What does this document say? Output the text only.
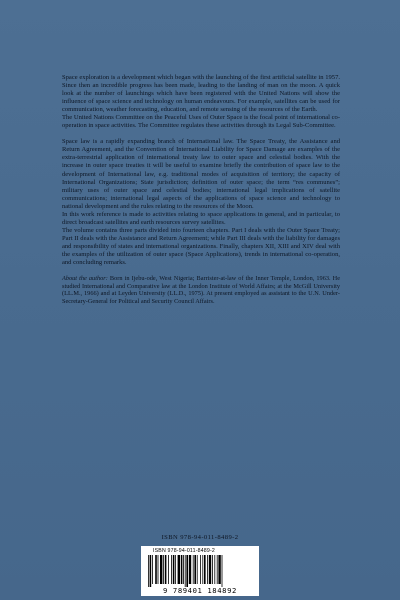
Space exploration is a development which began with the launching of the first artificial satellite in 1957. Since then an incredible progress has been made, leading to the landing of man on the moon. A quick look at the number of launchings which have been registered with the United Nations will show the influence of space science and technology on human endeavours. For example, satellites can be used for communication, weather forecasting, education, and remote sensing of the resources of the Earth.

The United Nations Committee on the Peaceful Uses of Outer Space is the focal point of international co-operation in space activities. The Committee regulates these activities through its Legal Sub-Committee.

Space law is a rapidly expanding branch of International law. The Space Treaty, the Assistance and Return Agreement, and the Convention of International Liability for Space Damage are examples of the extra-terrestrial application of international treaty law to outer space and celestial bodies. With the increase in outer space treaties it will be useful to examine briefly the contribution of space law to the development of International law, e.g. traditional modes of acquisition of territory; the capacity of International Organizations; State jurisdiction; definition of outer space; the term “res communes”; military uses of outer space and celestial bodies; international legal implications of satellite communications; international legal aspects of the applications of space science and technology to national development and the rules relating to the resources of the Moon.

In this work reference is made to activities relating to space applications in general, and in particular, to direct broadcast satellites and earth resources survey satellites.

The volume contains three parts divided into fourteen chapters. Part I deals with the Outer Space Treaty; Part II deals with the Assistance and Return Agreement; while Part III deals with the liability for damages and responsibility of states and international organizations. Finally, chapters XII, XIII and XIV deal with the examples of the utilization of outer space (Space Applications), trends in international co-operation, and concluding remarks.

About the author: Born in Ijebu-ode, West Nigeria; Barrister-at-law of the Inner Temple, London, 1963. He studied International and Comparative law at the London Institute of World Affairs; at the McGill University (LL.M., 1966) and at Leyden University (LL.D., 1975). At present employed as assistant to the U.N. Under-Secretary-General for Political and Security Council Affairs.

ISBN 978-94-011-8489-2
ISBN 978-94-011-8489-2
9 789401 184892
